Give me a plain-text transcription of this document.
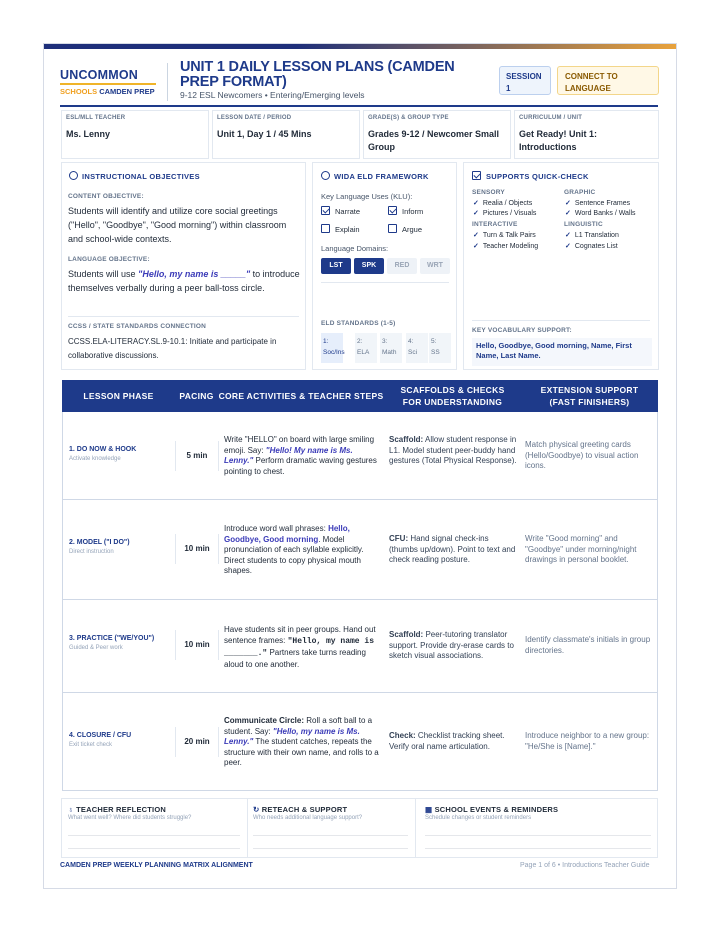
UNCOMMON
SCHOOLS CAMDEN PREP
UNIT 1 DAILY LESSON PLANS (CAMDEN PREP FORMAT)
9-12 ESL Newcomers • Entering/Emerging levels
SESSION 1
CONNECT TO LANGUAGE
ESL/MLL TEACHER
Ms. Lenny
LESSON DATE / PERIOD
Unit 1, Day 1 / 45 Mins
GRADE(S) & GROUP TYPE
Grades 9-12 / Newcomer Small Group
CURRICULUM / UNIT
Get Ready! Unit 1: Introductions
INSTRUCTIONAL OBJECTIVES
CONTENT OBJECTIVE:
Students will identify and utilize core social greetings ("Hello", "Goodbye", "Good morning") within classroom and school-wide contexts.
LANGUAGE OBJECTIVE:
Students will use "Hello, my name is _____" to introduce themselves verbally during a peer ball-toss circle.
CCSS / STATE STANDARDS CONNECTION
CCSS.ELA-LITERACY.SL.9-10.1: Initiate and participate in collaborative discussions.
WIDA ELD FRAMEWORK
Key Language Uses (KLU):
Narrate	Inform
Explain	Argue
Language Domains:
LST	SPK	RED	WRT
ELD STANDARDS (1-5)
1:
Soc/Ins
2:
ELA
3:
Math
4:
Sci
5:
SS
SUPPORTS QUICK-CHECK
SENSORY
✓ Realia / Objects
✓ Pictures / Visuals
GRAPHIC
✓ Sentence Frames
✓ Word Banks / Walls
INTERACTIVE
✓ Turn & Talk Pairs
✓ Teacher Modeling
LINGUISTIC
✓ L1 Translation
✓ Cognates List
KEY VOCABULARY SUPPORT:
Hello, Goodbye, Good morning, Name, First Name, Last Name.
LESSON PHASE	PACING CORE ACTIVITIES & TEACHER STEPS
SCAFFOLDS & CHECKS FOR UNDERSTANDING
EXTENSION SUPPORT (FAST FINISHERS)
1. DO NOW & HOOK
Activate knowledge	5 min
Write "HELLO" on board with large smiling emoji. Say: "Hello! My name is Ms. Lenny." Perform dramatic waving gestures pointing to chest.
Scaffold: Allow student response in L1. Model student peer-buddy hand gestures (Total Physical Response).
Match physical greeting cards (Hello/Goodbye) to visual action icons.
2. MODEL ("I DO")
Direct instruction	10 min
Introduce word wall phrases: Hello, Goodbye, Good morning. Model pronunciation of each syllable explicitly. Direct students to copy physical mouth shapes.
CFU: Hand signal check-ins (thumbs up/down). Point to text and check reading posture.
Write "Good morning" and "Goodbye" under morning/night drawings in personal booklet.
3. PRACTICE ("WE/YOU")
Guided & Peer work	10 min
Have students sit in peer groups. Hand out sentence frames: "Hello, my name is _______." Partners take turns reading aloud to one another.
Scaffold: Peer-tutoring translator support. Provide dry-erase cards to sketch visual associations.
Identify classmate's initials in group directories.
4. CLOSURE / CFU
Exit ticket check	20 min
Communicate Circle: Roll a soft ball to a student. Say: "Hello, my name is Ms. Lenny." The student catches, repeats the structure with their own name, and rolls to a peer.
Check: Checklist tracking sheet. Verify oral name articulation.
Introduce neighbor to a new group: "He/She is [Name]."
♁ TEACHER REFLECTION
What went well? Where did students struggle?
↻ RETEACH & SUPPORT
Who needs additional language support?
▦ SCHOOL EVENTS & REMINDERS
Schedule changes or student reminders
CAMDEN PREP WEEKLY PLANNING MATRIX ALIGNMENT	Page 1 of 6 • Introductions Teacher Guide
